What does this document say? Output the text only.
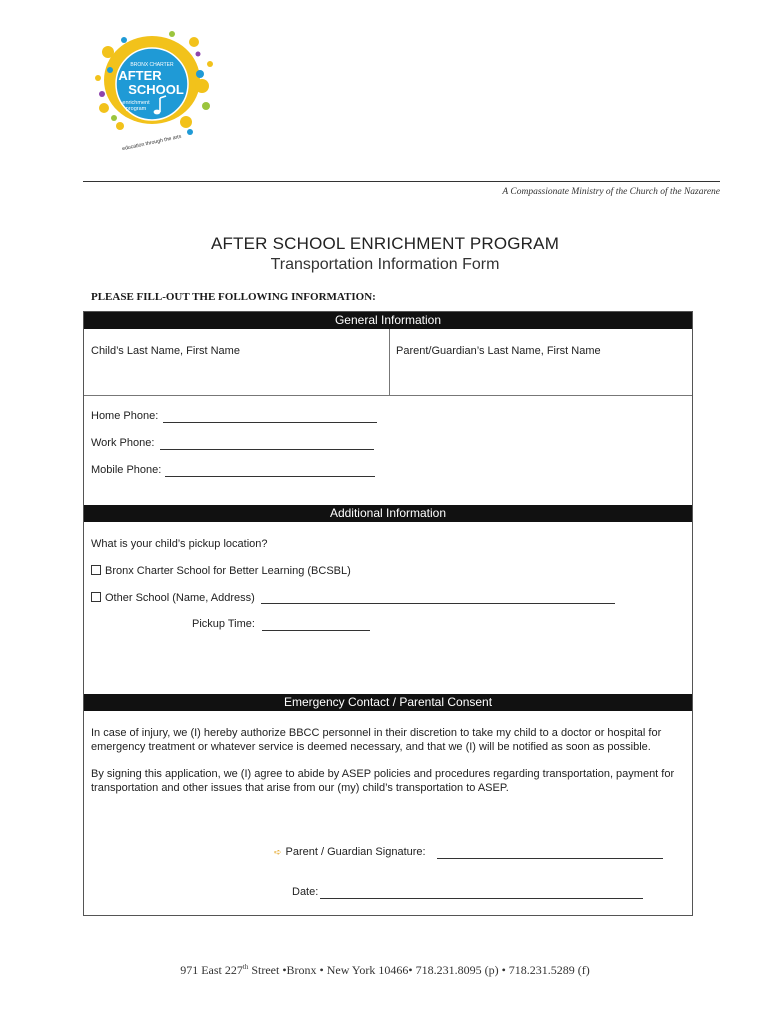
BRONX CHARTER
AFTER
SCHOOL
enrichment
program
education through the arts
A Compassionate Ministry of the Church of the Nazarene
AFTER SCHOOL ENRICHMENT PROGRAM
Transportation Information Form
PLEASE FILL-OUT THE FOLLOWING INFORMATION:
General Information
Child’s Last Name, First Name	Parent/Guardian’s Last Name, First Name
Home Phone:
Work Phone:
Mobile Phone:
Additional Information
What is your child’s pickup location?
Bronx Charter School for Better Learning (BCSBL)
Other School (Name, Address)
Pickup Time:
Emergency Contact / Parental Consent
In case of injury, we (I) hereby authorize BBCC personnel in their discretion to take my child to a doctor or hospital for emergency treatment or whatever service is deemed necessary, and that we (I) will be notified as soon as possible.
By signing this application, we (I) agree to abide by ASEP policies and procedures regarding transportation, payment for transportation and other issues that arise from our (my) child’s transportation to ASEP.
➪ Parent / Guardian Signature:
Date:
971 East 227th Street •Bronx • New York 10466• 718.231.8095 (p) • 718.231.5289 (f)
